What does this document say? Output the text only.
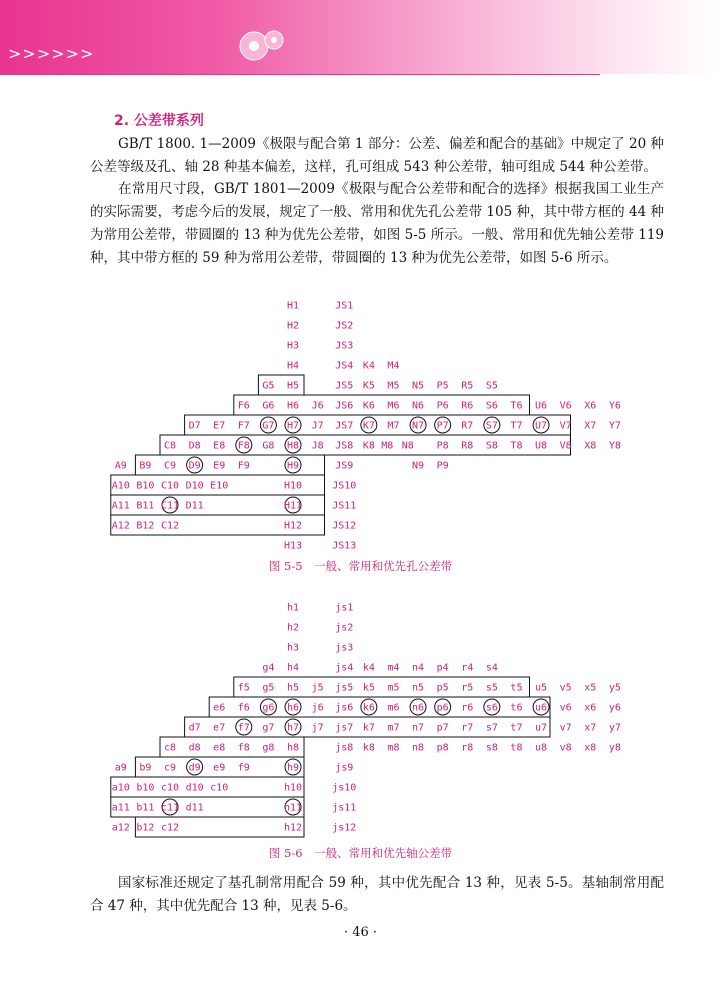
>>>>>>
2. 公差带系列
GB/T 1800. 1—2009《极限与配合第 1 部分：公差、偏差和配合的基础》中规定了 20 种公差等级及孔、轴 28 种基本偏差，这样，孔可组成 543 种公差带，轴可组成 544 种公差带。
在常用尺寸段，GB/T 1801—2009《极限与配合公差带和配合的选择》根据我国工业生产的实际需要，考虑今后的发展，规定了一般、常用和优先孔公差带 105 种，其中带方框的 44 种为常用公差带，带圆圈的 13 种为优先公差带，如图 5-5 所示。一般、常用和优先轴公差带 119 种，其中带方框的 59 种为常用公差带，带圆圈的 13 种为优先公差带，如图 5-6 所示。
H1	JS1
H2	JS2
H3	JS3
H4	JS4 K4 M4
G5 H5	JS5 K5 M5 N5 P5 R5 S5
F6 G6 H6 J6 JS6 K6 M6 N6 P6 R6 S6 T6 U6 V6 X6 Y6
D7 E7 F7 G7 H7 J7 JS7 K7 M7 N7 P7 R7 S7 T7 U7 V7 X7 Y7
C8 D8 E8 F8 G8 H8 J8 JS8 K8 M8 N8 P8 R8 S8 T8 U8 V8 X8 Y8
A9 B9 C9 D9 E9 F9	H9	JS9	N9 P9
A10 B10 C10 D10 E10	H10	JS10
A11 B11 C11 D11	H11	JS11
A12 B12 C12	H12	JS12
H13	JS13
图 5-5　一般、常用和优先孔公差带
h1	js1
h2	js2
h3	js3
g4 h4	js4 k4 m4 n4 p4 r4 s4
f5 g5 h5 j5 js5 k5 m5 n5 p5 r5 s5 t5 u5 v5 x5 y5
e6 f6 g6 h6 j6 js6 k6 m6 n6 p6 r6 s6 t6 u6 v6 x6 y6
d7 e7 f7 g7 h7 j7 js7 k7 m7 n7 p7 r7 s7 t7 u7 v7 x7 y7
c8 d8 e8 f8 g8 h8	js8 k8 m8 n8 p8 r8 s8 t8 u8 v8 x8 y8
a9 b9 c9 d9 e9 f9	h9	js9
a10 b10 c10 d10 c10	h10	js10
a11 b11 c11 d11	h11	js11
a12 b12 c12	h12	js12
图 5-6　一般、常用和优先轴公差带
国家标准还规定了基孔制常用配合 59 种，其中优先配合 13 种，见表 5-5。基轴制常用配合 47 种，其中优先配合 13 种，见表 5-6。
· 46 ·
